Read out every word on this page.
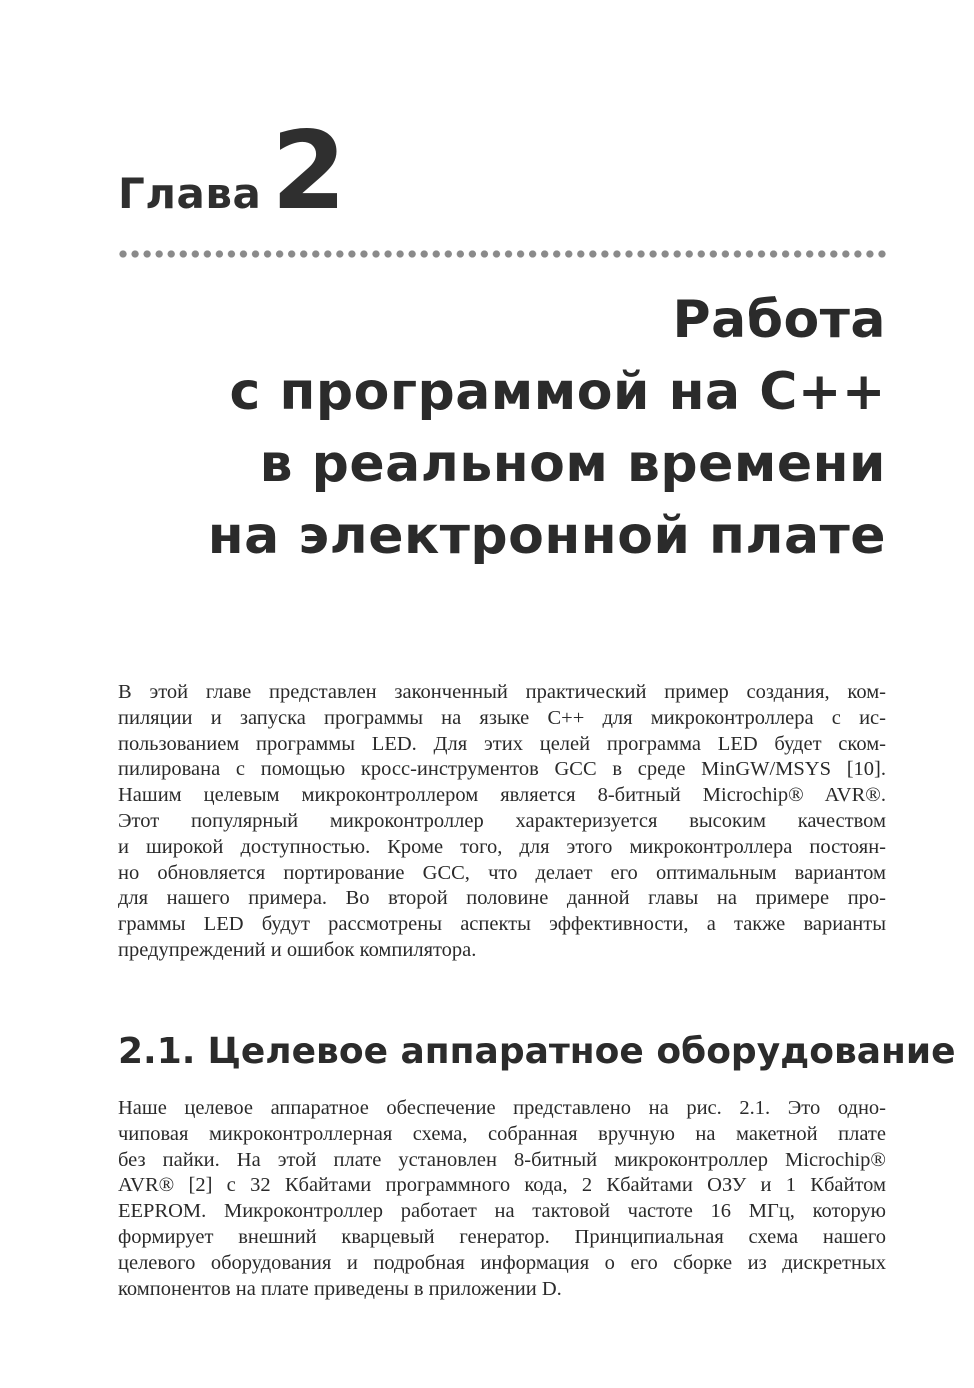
Глава2
Работа
с программой на C++
в реальном времени
на электронной плате

В этой главе представлен законченный практический пример создания, ком-
пиляции и запуска программы на языке C++ для микроконтроллера с ис-
пользованием программы LED. Для этих целей программа LED будет ском-
пилирована с помощью кросс-инструментов GCC в среде MinGW/MSYS [10].
Нашим целевым микроконтроллером является 8-битный Microchip® AVR®.
Этот популярный микроконтроллер характеризуется высоким качеством
и широкой доступностью. Кроме того, для этого микроконтроллера постоян-
но обновляется портирование GCC, что делает его оптимальным вариантом
для нашего примера. Во второй половине данной главы на примере про-
граммы LED будут рассмотрены аспекты эффективности, а также варианты
предупреждений и ошибок компилятора.

2.1. Целевое аппаратное оборудование

Наше целевое аппаратное обеспечение представлено на рис. 2.1. Это одно-
чиповая микроконтроллерная схема, собранная вручную на макетной плате
без пайки. На этой плате установлен 8-битный микроконтроллер Microchip®
AVR® [2] с 32 Кбайтами программного кода, 2 Кбайтами ОЗУ и 1 Кбайтом
EEPROM. Микроконтроллер работает на тактовой частоте 16 МГц, которую
формирует внешний кварцевый генератор. Принципиальная схема нашего
целевого оборудования и подробная информация о его сборке из дискретных
компонентов на плате приведены в приложении D.
